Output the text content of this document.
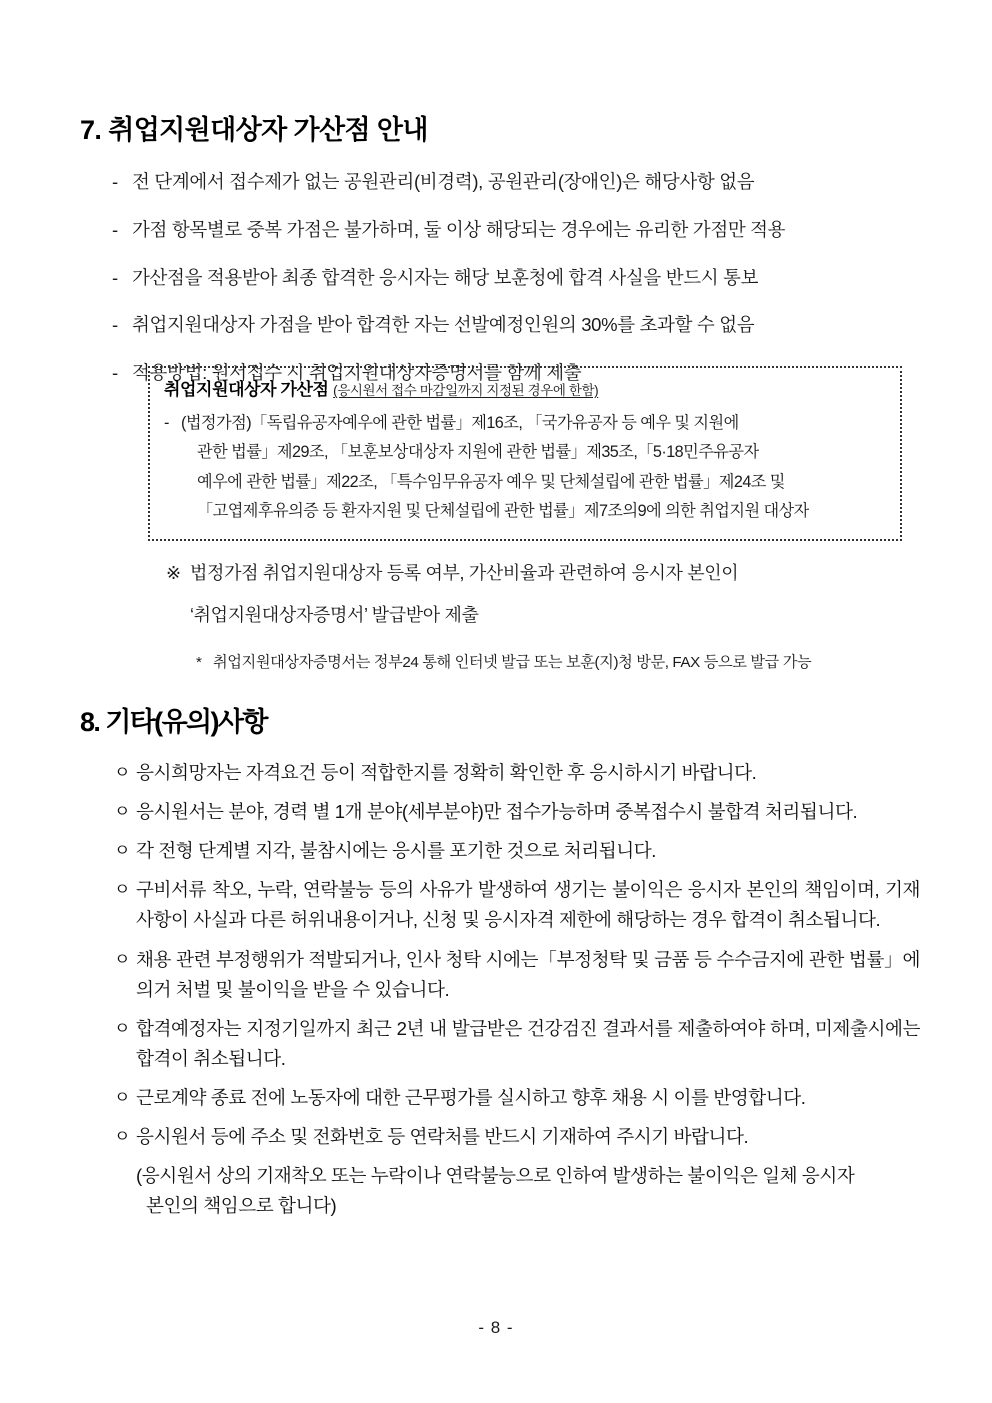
7. 취업지원대상자 가산점 안내
- 전 단계에서 접수제가 없는 공원관리(비경력), 공원관리(장애인)은 해당사항 없음
- 가점 항목별로 중복 가점은 불가하며, 둘 이상 해당되는 경우에는 유리한 가점만 적용
- 가산점을 적용받아 최종 합격한 응시자는 해당 보훈청에 합격 사실을 반드시 통보
- 취업지원대상자 가점을 받아 합격한 자는 선발예정인원의 30%를 초과할 수 없음
- 적용방법: 원서접수 시 취업지원대상자증명서를 함께 제출

취업지원대상자 가산점 (응시원서 접수 마감일까지 지정된 경우에 한함)

- (법정가점)「독립유공자예우에 관한 법률」제16조, 「국가유공자 등 예우 및 지원에
관한 법률」제29조, 「보훈보상대상자 지원에 관한 법률」제35조,「5·18민주유공자
예우에 관한 법률」제22조, 「특수임무유공자 예우 및 단체설립에 관한 법률」제24조 및
「고엽제후유의증 등 환자지원 및 단체설립에 관한 법률」제7조의9에 의한 취업지원 대상자
※ 법정가점 취업지원대상자 등록 여부, 가산비율과 관련하여 응시자 본인이
‘취업지원대상자증명서’ 발급받아 제출
* 취업지원대상자증명서는 정부24 통해 인터넷 발급 또는 보훈(지)청 방문, FAX 등으로 발급 가능
8. 기타(유의)사항
ㅇ 응시희망자는 자격요건 등이 적합한지를 정확히 확인한 후 응시하시기 바랍니다.
ㅇ 응시원서는 분야, 경력 별 1개 분야(세부분야)만 접수가능하며 중복접수시 불합격 처리됩니다.
ㅇ 각 전형 단계별 지각, 불참시에는 응시를 포기한 것으로 처리됩니다.
ㅇ 구비서류 착오, 누락, 연락불능 등의 사유가 발생하여 생기는 불이익은 응시자 본인의 책임이며, 기재사항이 사실과 다른 허위내용이거나, 신청 및 응시자격 제한에 해당하는 경우 합격이 취소됩니다.
ㅇ 채용 관련 부정행위가 적발되거나, 인사 청탁 시에는「부정청탁 및 금품 등 수수금지에 관한 법률」에 의거 처벌 및 불이익을 받을 수 있습니다.
ㅇ 합격예정자는 지정기일까지 최근 2년 내 발급받은 건강검진 결과서를 제출하여야 하며, 미제출시에는 합격이 취소됩니다.
ㅇ 근로계약 종료 전에 노동자에 대한 근무평가를 실시하고 향후 채용 시 이를 반영합니다.
ㅇ 응시원서 등에 주소 및 전화번호 등 연락처를 반드시 기재하여 주시기 바랍니다.
(응시원서 상의 기재착오 또는 누락이나 연락불능으로 인하여 발생하는 불이익은 일체 응시자
본인의 책임으로 합니다)
- 8 -
